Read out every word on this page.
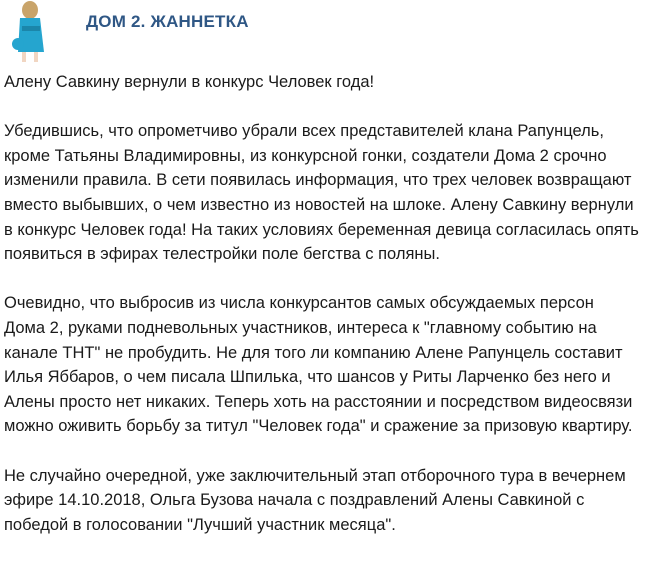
ДОМ 2. ЖАННЕТКА

Алену Савкину вернули в конкурс Человек года!

Убедившись, что опрометчиво убрали всех представителей клана Рапунцель,
кроме Татьяны Владимировны, из конкурсной гонки, создатели Дома 2 срочно
изменили правила. В сети появилась информация, что трех человек возвращают
вместо выбывших, о чем известно из новостей на шлоке. Алену Савкину вернули
в конкурс Человек года! На таких условиях беременная девица согласилась опять
появиться в эфирах телестройки поле бегства с поляны.

Очевидно, что выбросив из числа конкурсантов самых обсуждаемых персон
Дома 2, руками подневольных участников, интереса к "главному событию на
канале ТНТ" не пробудить. Не для того ли компанию Алене Рапунцель составит
Илья Яббаров, о чем писала Шпилька, что шансов у Риты Ларченко без него и
Алены просто нет никаких. Теперь хоть на расстоянии и посредством видеосвязи
можно оживить борьбу за титул "Человек года" и сражение за призовую квартиру.

Не случайно очередной, уже заключительный этап отборочного тура в вечернем
эфире 14.10.2018, Ольга Бузова начала с поздравлений Алены Савкиной с
победой в голосовании "Лучший участник месяца".
